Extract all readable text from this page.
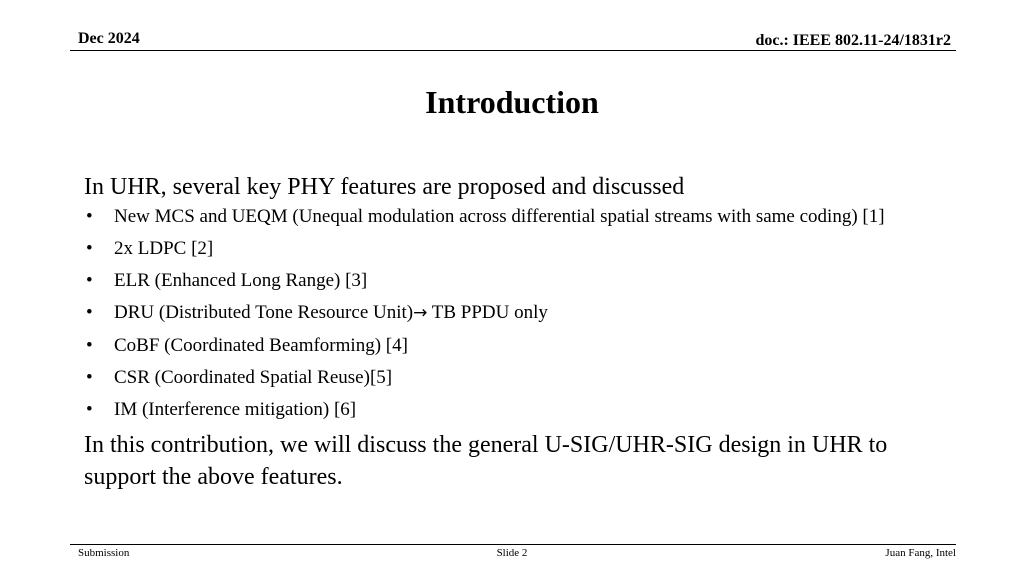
Dec 2024	doc.: IEEE 802.11-24/1831r2
Introduction
In UHR, several key PHY features are proposed and discussed
• New MCS and UEQM (Unequal modulation across differential spatial streams with same coding) [1]
• 2x LDPC [2]
• ELR (Enhanced Long Range) [3]
• DRU (Distributed Tone Resource Unit)→ TB PPDU only
• CoBF (Coordinated Beamforming) [4]
• CSR (Coordinated Spatial Reuse)[5]
• IM (Interference mitigation) [6]
In this contribution, we will discuss the general U-SIG/UHR-SIG design in UHR to support the above features.
Submission	Slide 2	Juan Fang, Intel
